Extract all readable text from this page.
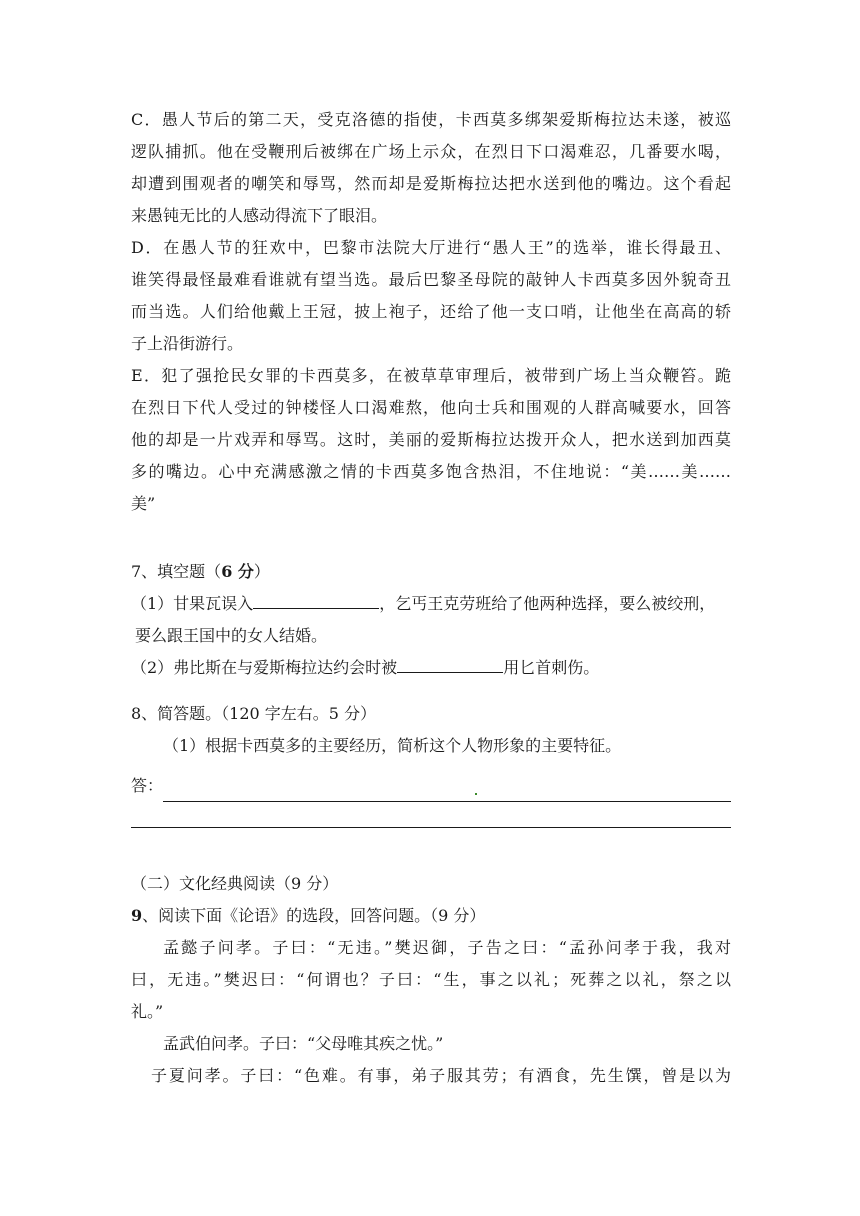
C．愚人节后的第二天，受克洛德的指使，卡西莫多绑架爱斯梅拉达未遂，被巡
逻队捕抓。他在受鞭刑后被绑在广场上示众，在烈日下口渴难忍，几番要水喝，
却遭到围观者的嘲笑和辱骂，然而却是爱斯梅拉达把水送到他的嘴边。这个看起
来愚钝无比的人感动得流下了眼泪。
D．在愚人节的狂欢中，巴黎市法院大厅进行“愚人王”的选举，谁长得最丑、
谁笑得最怪最难看谁就有望当选。最后巴黎圣母院的敲钟人卡西莫多因外貌奇丑
而当选。人们给他戴上王冠，披上袍子，还给了他一支口哨，让他坐在高高的轿
子上沿街游行。
E．犯了强抢民女罪的卡西莫多，在被草草审理后，被带到广场上当众鞭笞。跪
在烈日下代人受过的钟楼怪人口渴难熬，他向士兵和围观的人群高喊要水，回答
他的却是一片戏弄和辱骂。这时，美丽的爱斯梅拉达拨开众人，把水送到加西莫
多的嘴边。心中充满感激之情的卡西莫多饱含热泪，不住地说：“美……美……
美”
7、填空题（6 分）
（1）甘果瓦误入	，乞丐王克劳班给了他两种选择，要么被绞刑，
要么跟王国中的女人结婚。
（2）弗比斯在与爱斯梅拉达约会时被	用匕首刺伤。
8、简答题。（120 字左右。5 分）
（1）根据卡西莫多的主要经历，简析这个人物形象的主要特征。
答：
（二）文化经典阅读（9 分）
9、阅读下面《论语》的选段，回答问题。（9 分）
孟懿子问孝。子曰：“无违。”樊迟御，子告之曰：“孟孙问孝于我，我对
曰，无违。”樊迟曰：“何谓也？子曰：“生，事之以礼；死葬之以礼，祭之以
礼。”
孟武伯问孝。子曰：“父母唯其疾之忧。”
子夏问孝。子曰：“色难。有事，弟子服其劳；有酒食，先生馔，曾是以为
